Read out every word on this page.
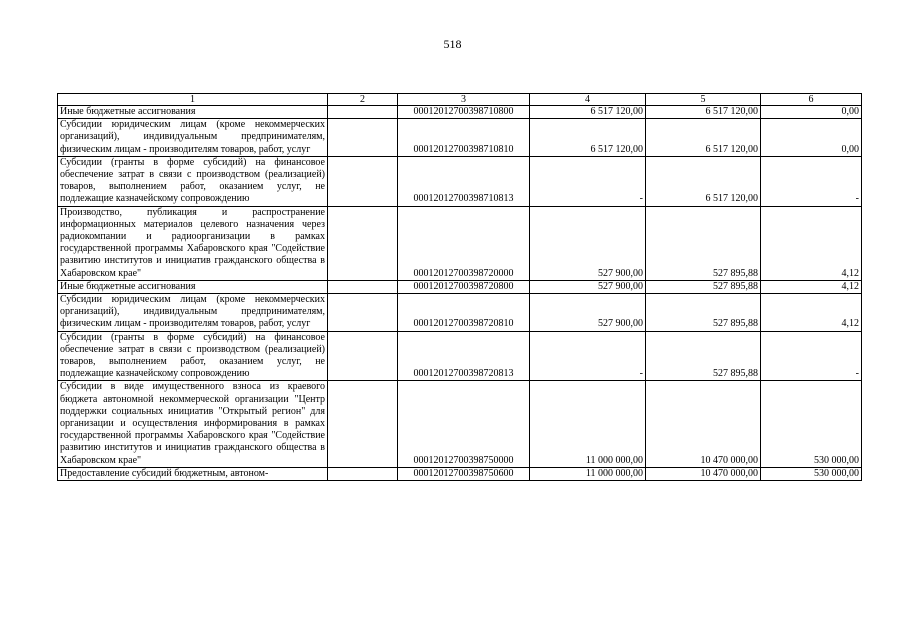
518
1	2	3	4	5	6
Иные бюджетные ассигнования		00012012700398710800	6 517 120,00	6 517 120,00	0,00
Субсидии юридическим лицам (кроме некоммерческих организаций), индивидуальным предпринимателям, физическим лицам - производителям товаров, работ, услуг		00012012700398710810	6 517 120,00	6 517 120,00	0,00
Субсидии (гранты в форме субсидий) на финансовое обеспечение затрат в связи с производством (реализацией) товаров, выполнением работ, оказанием услуг, не подлежащие казначейскому сопровождению		00012012700398710813	-	6 517 120,00	-
Производство, публикация и распространение информационных материалов целевого назначения через радиокомпании и радиоорганизации в рамках государственной программы Хабаровского края "Содействие развитию институтов и инициатив гражданского общества в Хабаровском крае"		00012012700398720000	527 900,00	527 895,88	4,12
Иные бюджетные ассигнования		00012012700398720800	527 900,00	527 895,88	4,12
Субсидии юридическим лицам (кроме некоммерческих организаций), индивидуальным предпринимателям, физическим лицам - производителям товаров, работ, услуг		00012012700398720810	527 900,00	527 895,88	4,12
Субсидии (гранты в форме субсидий) на финансовое обеспечение затрат в связи с производством (реализацией) товаров, выполнением работ, оказанием услуг, не подлежащие казначейскому сопровождению		00012012700398720813	-	527 895,88	-
Субсидии в виде имущественного взноса из краевого бюджета автономной некоммерческой организации "Центр поддержки социальных инициатив "Открытый регион" для организации и осуществления информирования в рамках государственной программы Хабаровского края "Содействие развитию институтов и инициатив гражданского общества в Хабаровском крае"		00012012700398750000	11 000 000,00	10 470 000,00	530 000,00
Предоставление субсидий бюджетным, автоном-		00012012700398750600	11 000 000,00	10 470 000,00	530 000,00
